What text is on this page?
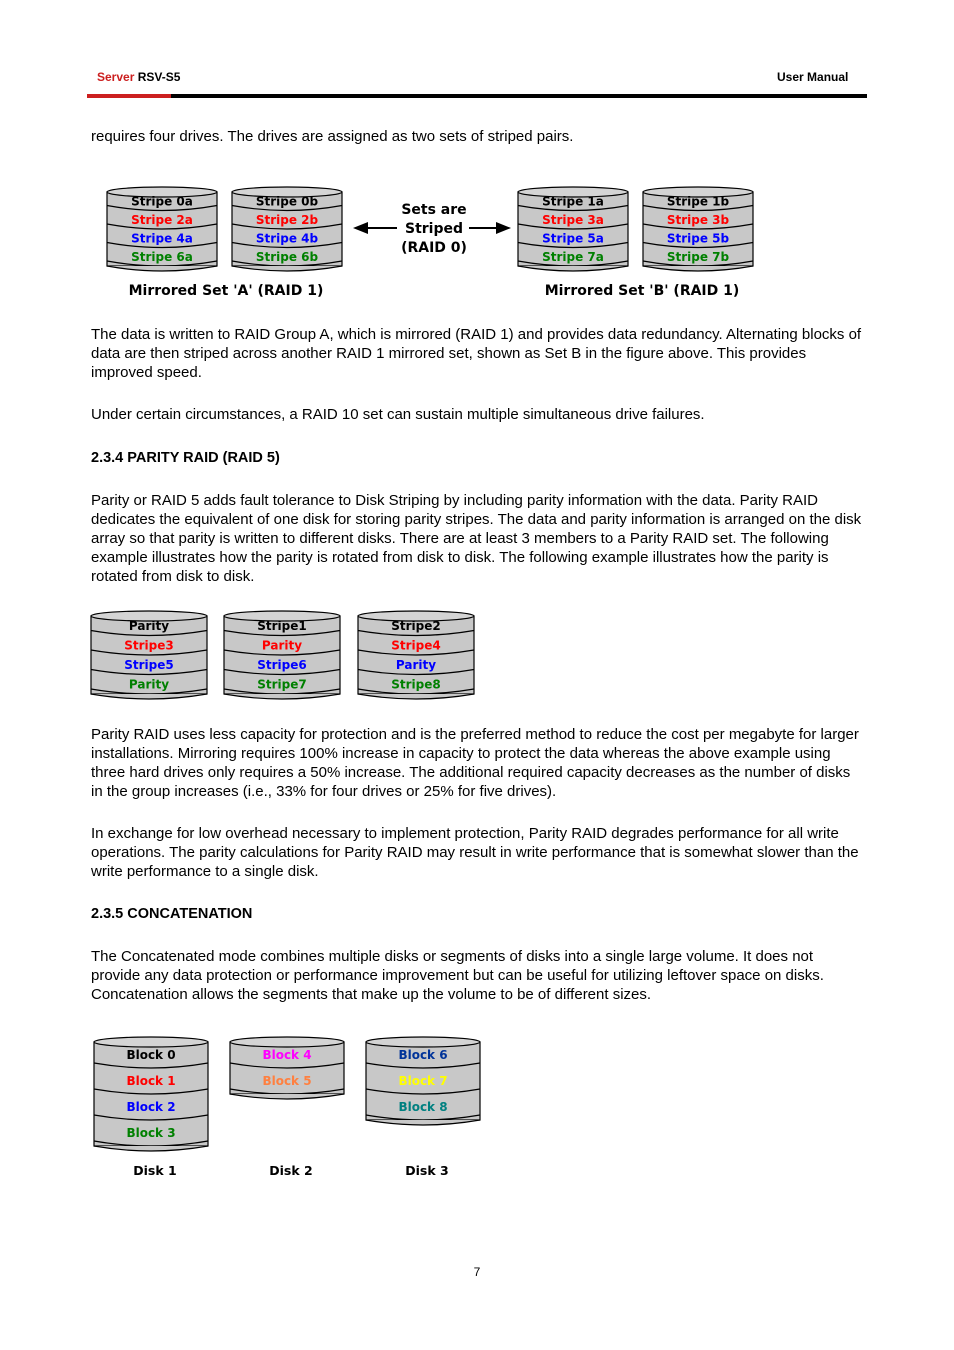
Server RSV-S5	User Manual

requires four drives. The drives are assigned as two sets of striped pairs.

Stripe 0a
Stripe 2a
Stripe 4a
Stripe 6a
Stripe 0b
Stripe 2b
Stripe 4b
Stripe 6b
Stripe 1a
Stripe 3a
Stripe 5a
Stripe 7a
Stripe 1b
Stripe 3b
Stripe 5b
Stripe 7b
Sets are
Striped
(RAID 0)
Mirrored Set 'A' (RAID 1)	Mirrored Set 'B' (RAID 1)

The data is written to RAID Group A, which is mirrored (RAID 1) and provides data redundancy. Alternating blocks of data are then striped across another RAID 1 mirrored set, shown as Set B in the figure above. This provides improved speed.

Under certain circumstances, a RAID 10 set can sustain multiple simultaneous drive failures.

2.3.4 PARITY RAID (RAID 5)

Parity or RAID 5 adds fault tolerance to Disk Striping by including parity information with the data. Parity RAID dedicates the equivalent of one disk for storing parity stripes. The data and parity information is arranged on the disk array so that parity is written to different disks. There are at least 3 members to a Parity RAID set. The following example illustrates how the parity is rotated from disk to disk. The following example illustrates how the parity is rotated from disk to disk.

Parity
Stripe3
Stripe5
Parity
Stripe1
Parity
Stripe6
Stripe7
Stripe2
Stripe4
Parity
Stripe8

Parity RAID uses less capacity for protection and is the preferred method to reduce the cost per megabyte for larger installations. Mirroring requires 100% increase in capacity to protect the data whereas the above example using three hard drives only requires a 50% increase. The additional required capacity decreases as the number of disks in the group increases (i.e., 33% for four drives or 25% for five drives).

In exchange for low overhead necessary to implement protection, Parity RAID degrades performance for all write operations. The parity calculations for Parity RAID may result in write performance that is somewhat slower than the write performance to a single disk.

2.3.5 CONCATENATION

The Concatenated mode combines multiple disks or segments of disks into a single large volume. It does not provide any data protection or performance improvement but can be useful for utilizing leftover space on disks. Concatenation allows the segments that make up the volume to be of different sizes.

Block 0
Block 1
Block 2
Block 3
Block 4
Block 5
Block 6
Block 7
Block 8
Disk 1	Disk 2	Disk 3
7
